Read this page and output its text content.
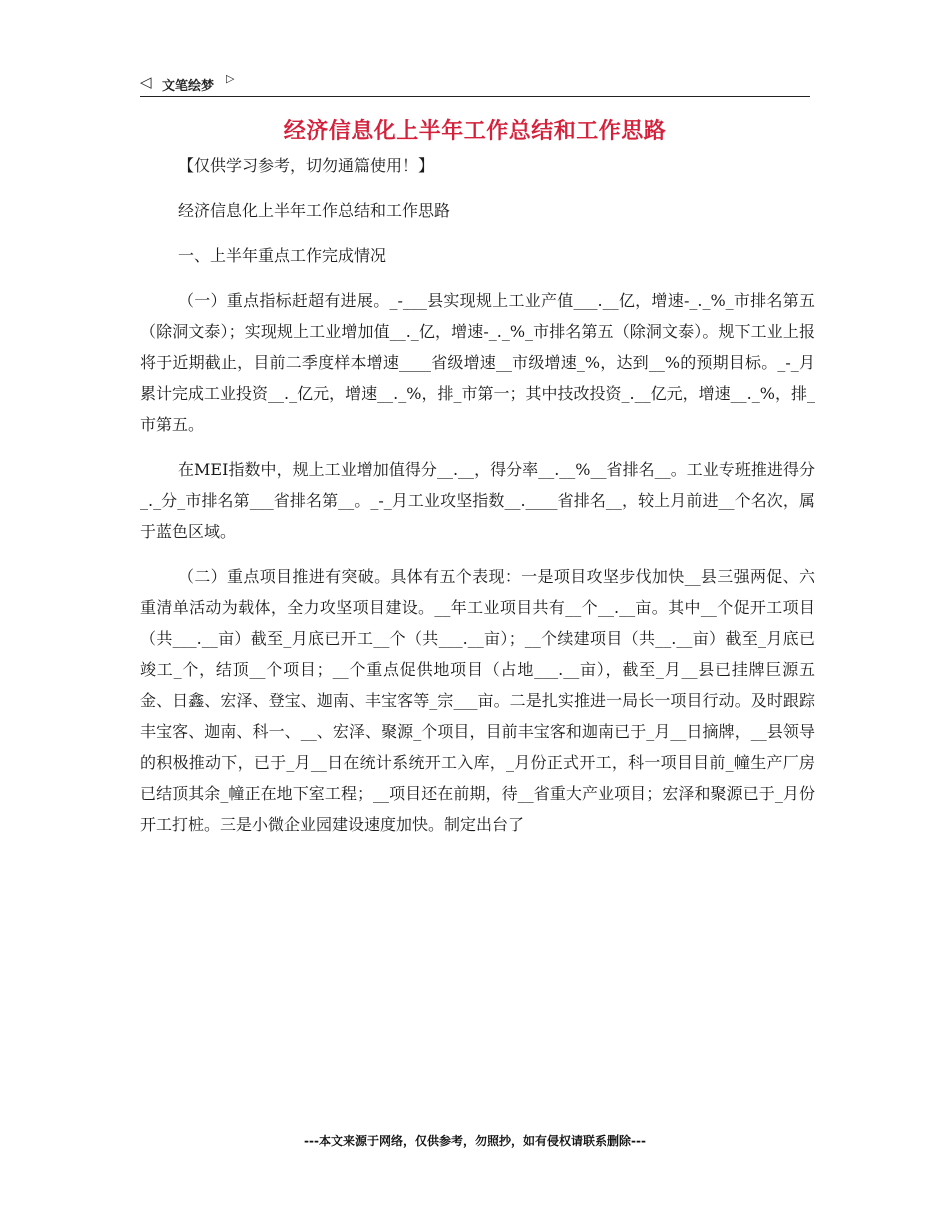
◁ 文笔绘梦
▷
经济信息化上半年工作总结和工作思路

【仅供学习参考，切勿通篇使用！】

经济信息化上半年工作总结和工作思路

一、上半年重点工作完成情况

（一）重点指标赶超有进展。_-___县实现规上工业产值___.__亿，增速-_._%_市排名第五（除洞文泰）；实现规上工业增加值__._亿，增速-_._%_市排名第五（除洞文泰）。规下工业上报将于近期截止，目前二季度样本增速____省级增速__市级增速_%，达到__%的预期目标。_-_月累计完成工业投资__._亿元，增速__._%，排_市第一；其中技改投资_.__亿元，增速__._%，排_市第五。

在MEI指数中，规上工业增加值得分__.__，得分率__.__%__省排名__。工业专班推进得分_._分_市排名第___省排名第__。_-_月工业攻坚指数__.____省排名__，较上月前进__个名次，属于蓝色区域。

（二）重点项目推进有突破。具体有五个表现：一是项目攻坚步伐加快__县三强两促、六重清单活动为载体，全力攻坚项目建设。__年工业项目共有__个__.__亩。其中__个促开工项目（共___.__亩）截至_月底已开工__个（共___.__亩）；__个续建项目（共__.__亩）截至_月底已竣工_个，结顶__个项目；__个重点促供地项目（占地___.__亩），截至_月__县已挂牌巨源五金、日鑫、宏泽、登宝、迦南、丰宝客等_宗___亩。二是扎实推进一局长一项目行动。及时跟踪丰宝客、迦南、科一、__、宏泽、聚源_个项目，目前丰宝客和迦南已于_月__日摘牌，__县领导的积极推动下，已于_月__日在统计系统开工入库，_月份正式开工，科一项目目前_幢生产厂房已结顶其余_幢正在地下室工程；__项目还在前期，待__省重大产业项目；宏泽和聚源已于_月份开工打桩。三是小微企业园建设速度加快。制定出台了

---本文来源于网络，仅供参考，勿照抄，如有侵权请联系删除---
